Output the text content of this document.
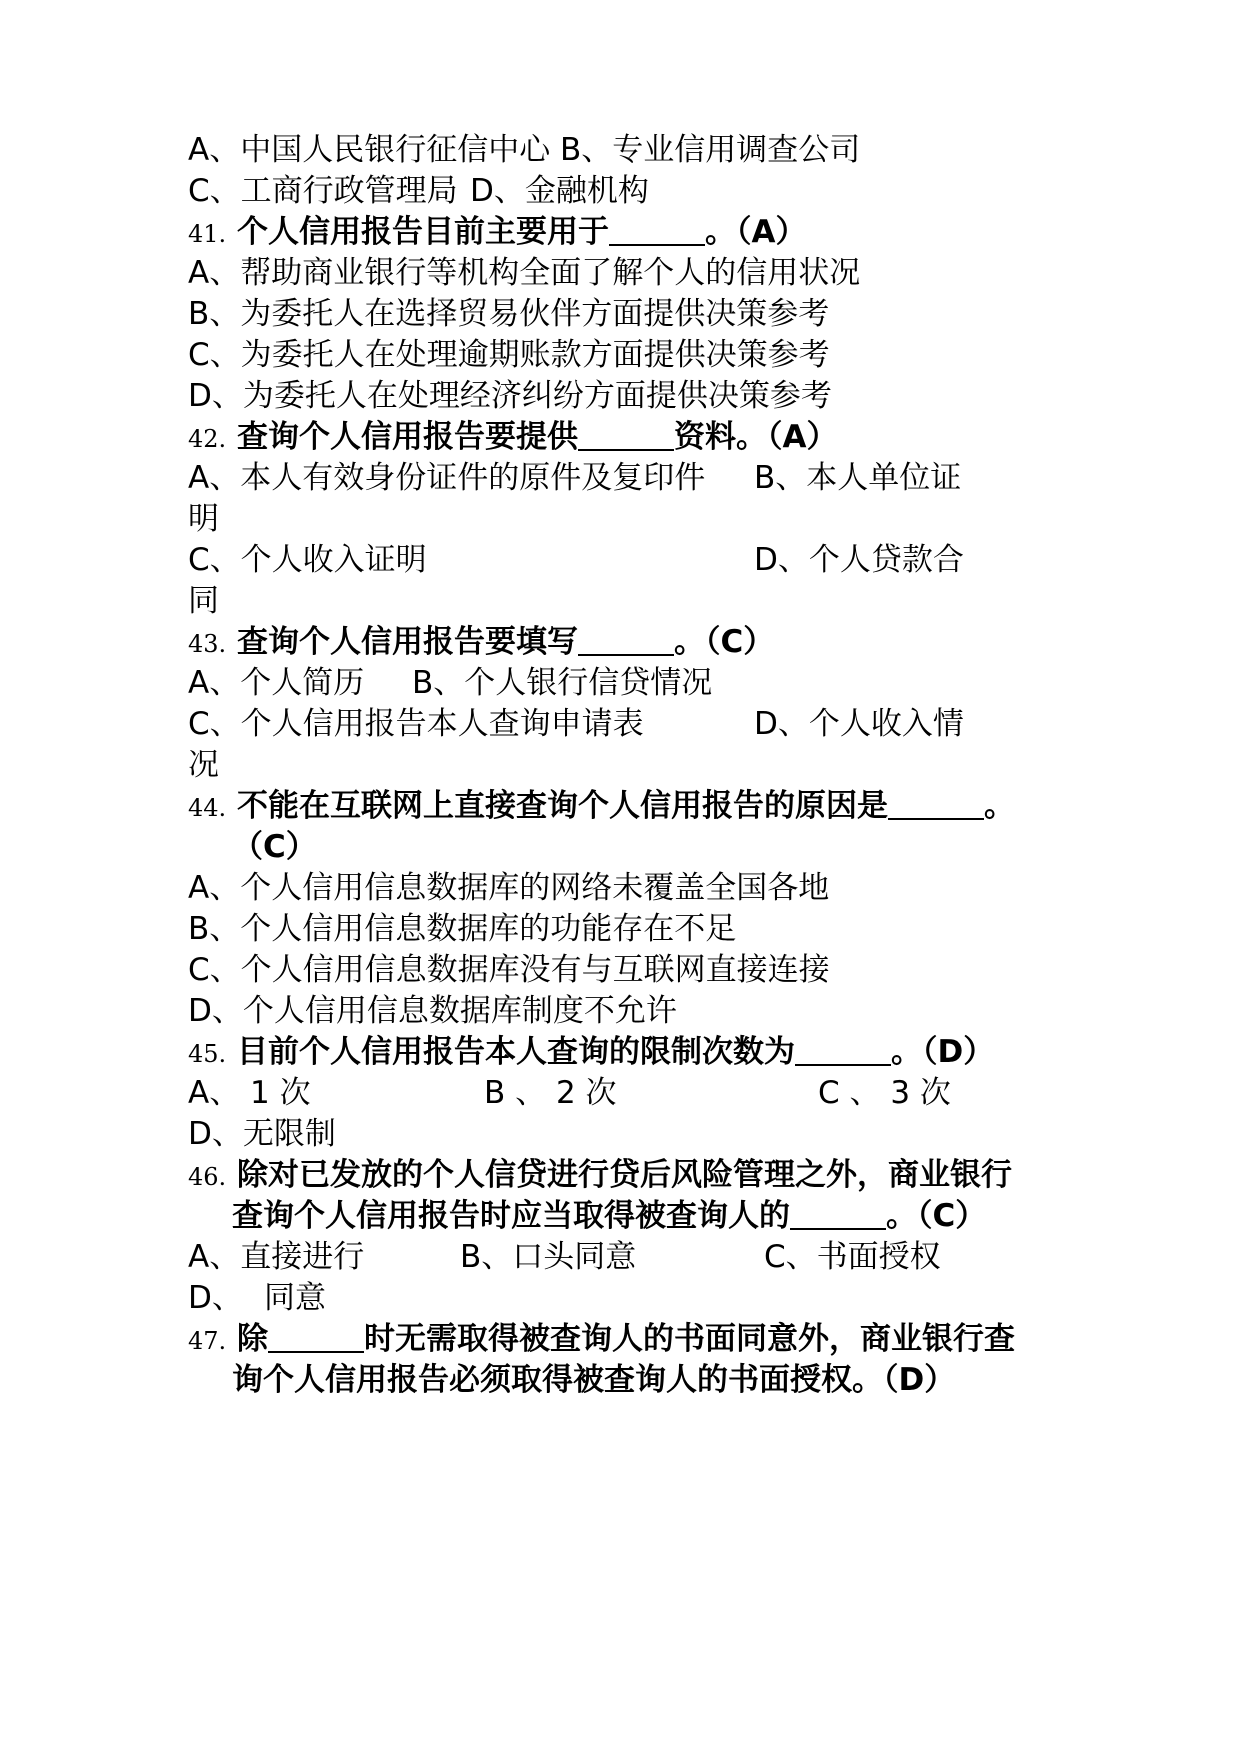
A、中国人民银行征信中心 B、专业信用调查公司
C、工商行政管理局 D、金融机构
41. 个人信用报告目前主要用于	。（A）
A、帮助商业银行等机构全面了解个人的信用状况
B、为委托人在选择贸易伙伴方面提供决策参考
C、为委托人在处理逾期账款方面提供决策参考
D、为委托人在处理经济纠纷方面提供决策参考
42. 查询个人信用报告要提供	资料。（A）
A、本人有效身份证件的原件及复印件 B、本人单位证
明
C、个人收入证明	D、个人贷款合
同
43. 查询个人信用报告要填写	。（C）
A、个人简历 B、个人银行信贷情况
C、个人信用报告本人查询申请表	D、个人收入情
况
44. 不能在互联网上直接查询个人信用报告的原因是	。
（C）
A、个人信用信息数据库的网络未覆盖全国各地
B、个人信用信息数据库的功能存在不足
C、个人信用信息数据库没有与互联网直接连接
D、个人信用信息数据库制度不允许
45. 目前个人信用报告本人查询的限制次数为	。（D）
A、 1 次	B 、 2 次	C 、 3 次
D、无限制
46. 除对已发放的个人信贷进行贷后风险管理之外，商业银行
查询个人信用报告时应当取得被查询人的	。（C）
A、直接进行	B、口头同意	C、书面授权
D、 同意
47. 除	时无需取得被查询人的书面同意外，商业银行查
询个人信用报告必须取得被查询人的书面授权。（D）
